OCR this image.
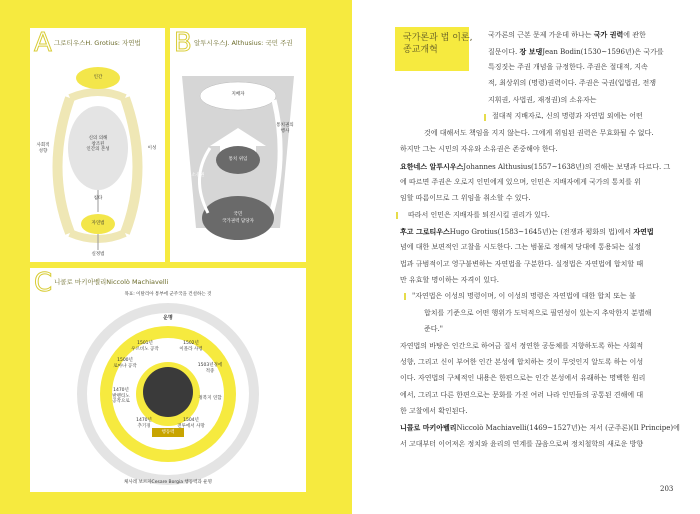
A 그로티우스H. Grotius: 자연법
인간
신의 의해
창조된
인간의 본성
사회적
성향
이성
침타
자연법
실정법
B 알투시우스J. Althusius: 국민 주권
지배자
통치권의
행사
통치 위임
소유권
국민
국가권력 담당자
C 니콜로 마키아벨리Niccolò Machiavelli
목표: 이탈리아 통부에 군주국을 건설하는 것
운명
행동력
1501년
우르비노 공작
1502년
이몰라 사령
1503년경에
적중
정복지 연합
1504년
전투에서 사망
1470년
추기경
1470년
발렌티노
공작으로
1500년
로마냐 공작
체사레 보르자Cesare Borgia 행동력과 운명
국가론과 법 이론,
종교개혁
국가론의 근본 문제 가운데 하나는 국가 권력에 관한
질문이다. 장 보댕Jean Bodin(1530~1596년)은 국가를
특징짓는 주권 개념을 규정한다. 주권은 절대적, 지속
적, 최상위의 (명령)권력이다. 주권은 국권(입법권, 전쟁
지휘권, 사법권, 재정권)의 소유자는
절대적 지배자로, 신의 명령과 자연법 외에는 어떤
것에 대해서도 책임을 지지 않는다. 그에게 위임된 권력은 무효화될 수 없다.
하지만 그는 시민의 자유와 소유권은 존중해야 한다.
요한네스 알투시우스Johannes Althusius(1557~1638년)의 견해는 보댕과 다르다. 그
에 따르면 주권은 오로지 인민에게 있으며, 인민은 지배자에게 국가의 통치를 위
임할 따름이므로 그 위임을 취소할 수 있다.
따라서 인민은 지배자를 퇴진시킬 권리가 있다.
후고 그로티우스Hugo Grotius(1583~1645년)는 (전쟁과 평화의 법)에서 자연법
념에 대한 보편적인 고찰을 시도한다. 그는 범물로 정해져 당대에 통용되는 실정
법과 규범적이고 영구불변하는 자연법을 구분한다. 실정법은 자연법에 합치할 때
만 유효할 명이하는 자격이 있다.
"자연법은 이성의 명령이며, 이 이성의 명령은 자연법에 대한 합치 또는 불
합치를 기준으로 어떤 행위가 도덕적으로 필연성이 있는지 추악한지 분별해
준다."
자연법의 바탕은 인간으로 하여금 질서 정연한 공동체를 지향하도록 하는 사회적
성향, 그리고 신이 부여한 인간 본성에 합치하는 것이 무엇인지 알도록 하는 이성
이다. 자연법의 구체적인 내용은 한편으로는 인간 본성에서 유래하는 명백한 원리
에서, 그리고 다른 한편으로는 문화를 가진 여러 나라 인민들의 공통된 견해에 대
한 고찰에서 확인된다.
니콜로 마키아벨리Niccolò Machiavelli(1469~1527년)는 저서 (군주론)(Il Principe)에
서 고대부터 이어져온 정치와 윤리의 연계를 끊음으로써 정치철학의 새로운 방향
203
